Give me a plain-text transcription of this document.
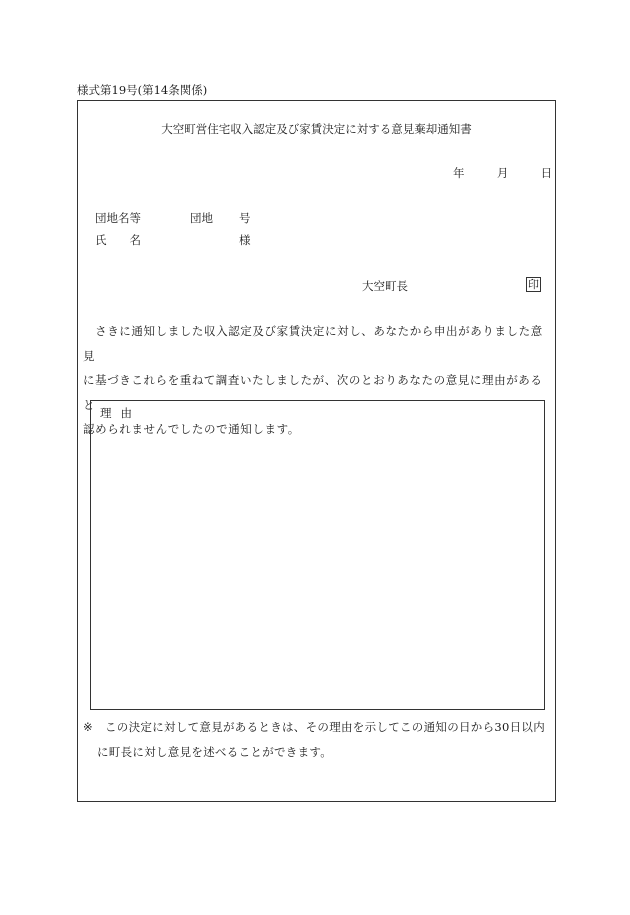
様式第19号(第14条関係)
大空町営住宅収入認定及び家賃決定に対する意見棄却通知書
年	月	日
団地名等	団地 号
氏　　名	様
大空町長	印

　さきに通知しました収入認定及び家賃決定に対し、あなたから申出がありました意見

に基づきこれらを重ねて調査いたしましたが、次のとおりあなたの意見に理由があると

認められませんでしたので通知します。

理由

※ この決定に対して意見があるときは、その理由を示してこの通知の日から30日以内

に町長に対し意見を述べることができます。
